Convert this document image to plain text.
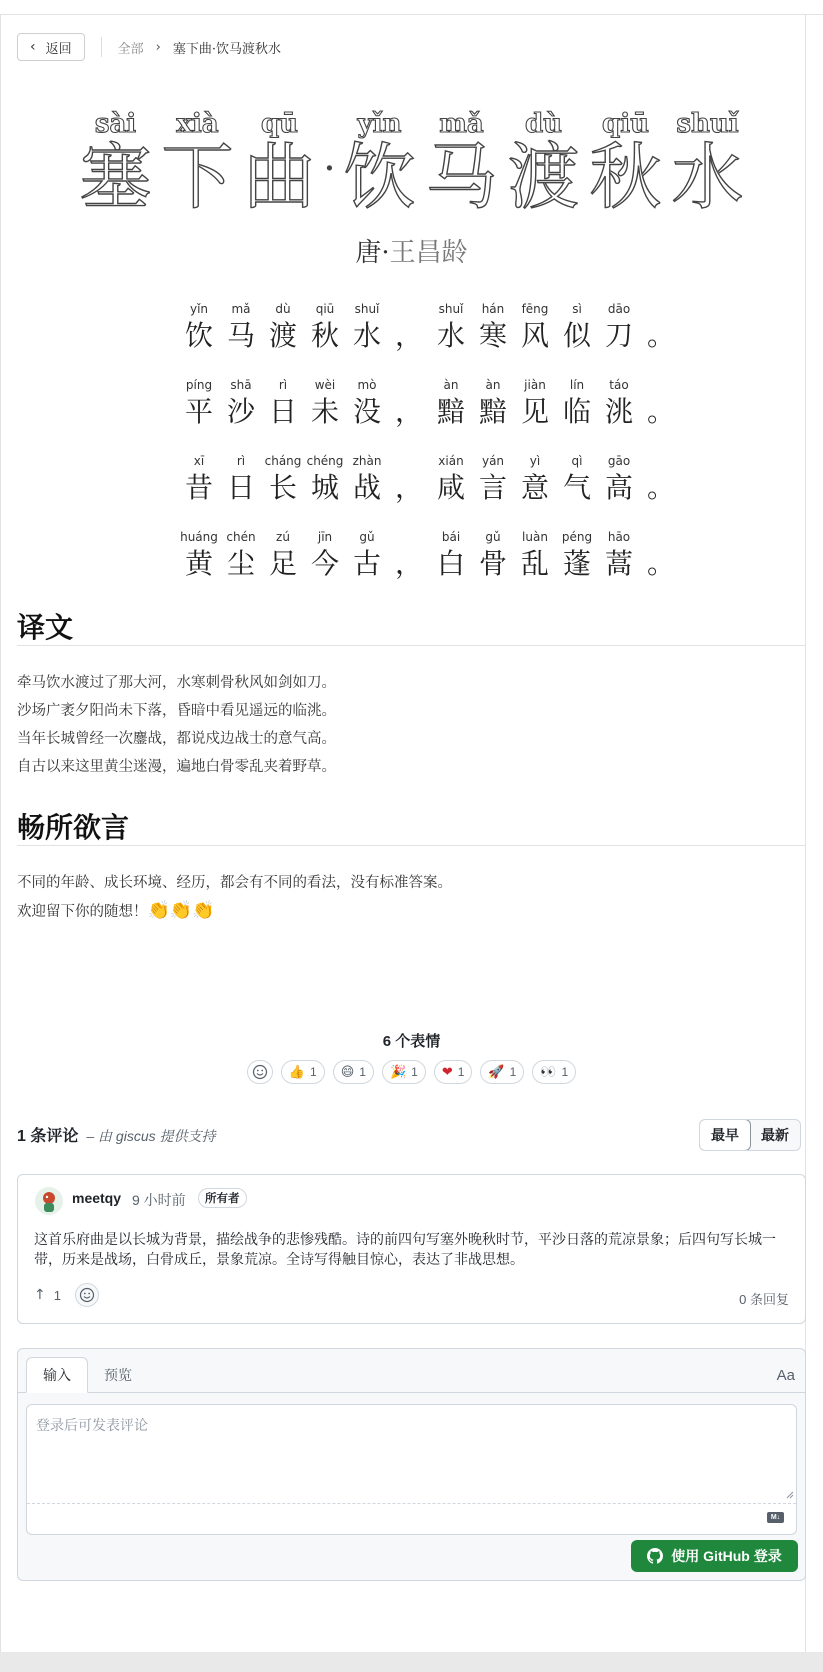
‹ 返回	全部 › 塞下曲·饮马渡秋水
sài
塞
xià
下
qū
曲 ·
yǐn
饮
mǎ
马
dù
渡
qiū
秋
shuǐ
水
唐·王昌龄
yǐn
饮
mǎ
马
dù
渡
qiū
秋
shuǐ
水 ，
shuǐ
水
hán
寒
fēng
风
sì
似
dāo
刀 。
píng
平
shā
沙
rì
日
wèi
未
mò
没 ，
àn
黯
àn
黯
jiàn
见
lín
临
táo
洮 。
xī
昔
rì
日
cháng
长
chéng
城
zhàn
战 ，
xián
咸
yán
言
yì
意
qì
气
gāo
高 。
huáng
黄
chén
尘
zú
足
jīn
今
gǔ
古 ，
bái
白
gǔ
骨
luàn
乱
péng
蓬
hāo
蒿 。
译文
牵马饮水渡过了那大河，水寒刺骨秋风如剑如刀。
沙场广袤夕阳尚未下落，昏暗中看见遥远的临洮。
当年长城曾经一次鏖战，都说戍边战士的意气高。
自古以来这里黄尘迷漫，遍地白骨零乱夹着野草。
畅所欲言
不同的年龄、成长环境、经历，都会有不同的看法，没有标准答案。
欢迎留下你的随想！👏👏👏
6 个表情
👍 1 😄 1 🎉 1 ❤ 1 🚀 1 👀 1
1 条评论 – 由 giscus 提供支持	最早	最新
meetqy 9 小时前	所有者
这首乐府曲是以长城为背景，描绘战争的悲惨残酷。诗的前四句写塞外晚秋时节，平沙日落的荒凉景象；后四句写长城一带，历来是战场，白骨成丘，景象荒凉。全诗写得触目惊心，表达了非战思想。
↑ 1	0 条回复
输入	预览	Aa
登录后可发表评论
M↓
使用 GitHub 登录
